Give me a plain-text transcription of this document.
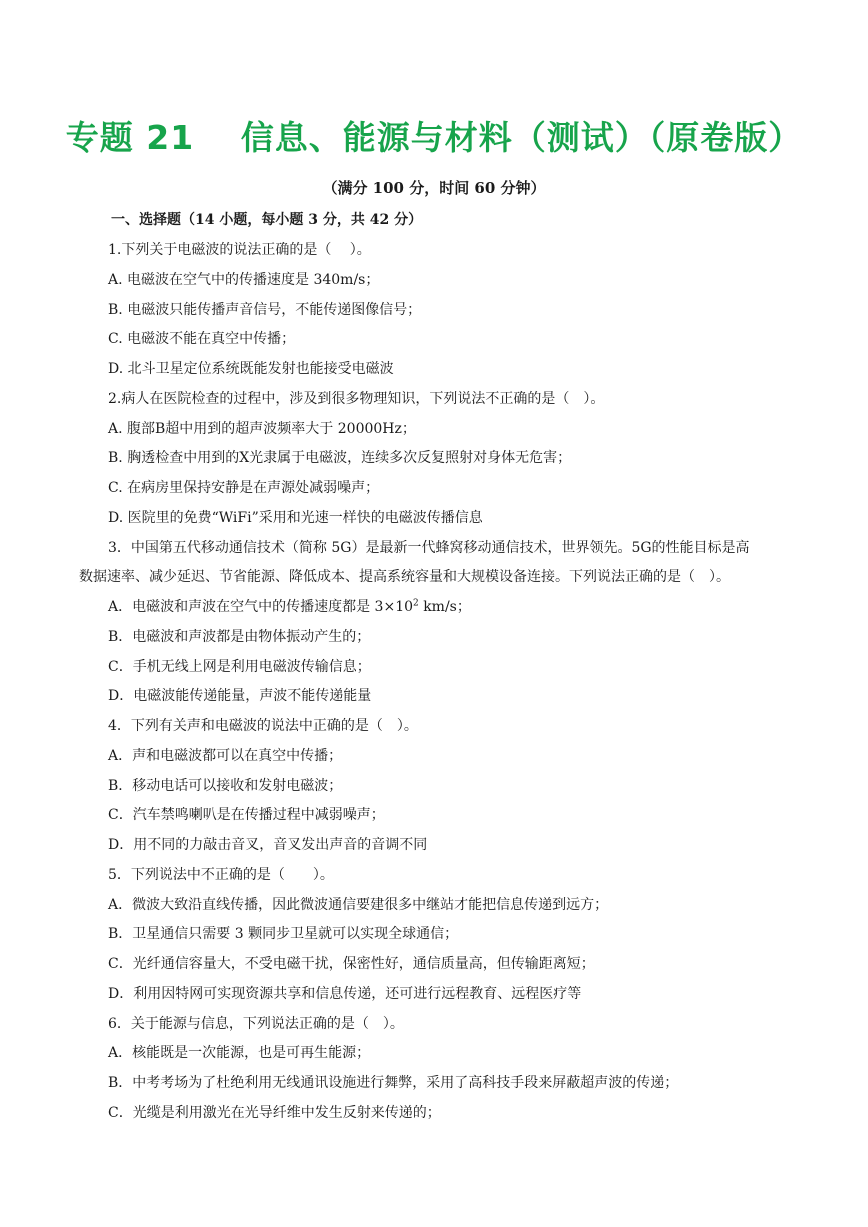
专题 21　 信息、能源与材料（测试）（原卷版）
（满分 100 分，时间 60 分钟）
一、选择题（14 小题，每小题 3 分，共 42 分）
1.下列关于电磁波的说法正确的是（　 ）。
A. 电磁波在空气中的传播速度是 340m/s；
B. 电磁波只能传播声音信号，不能传递图像信号；
C. 电磁波不能在真空中传播；
D. 北斗卫星定位系统既能发射也能接受电磁波
2.病人在医院检查的过程中，涉及到很多物理知识，下列说法不正确的是（　）。
A. 腹部B超中用到的超声波频率大于 20000Hz；
B. 胸透检查中用到的X光隶属于电磁波，连续多次反复照射对身体无危害；
C. 在病房里保持安静是在声源处减弱噪声；
D. 医院里的免费“WiFi”采用和光速一样快的电磁波传播信息
3．中国第五代移动通信技术（简称 5G）是最新一代蜂窝移动通信技术，世界领先。5G的性能目标是高
数据速率、减少延迟、节省能源、降低成本、提高系统容量和大规模设备连接。下列说法正确的是（　）。
A．电磁波和声波在空气中的传播速度都是 $3\times 10^2$ km/s；
B．电磁波和声波都是由物体振动产生的；
C．手机无线上网是利用电磁波传输信息；
D．电磁波能传递能量，声波不能传递能量
4．下列有关声和电磁波的说法中正确的是（　）。
A．声和电磁波都可以在真空中传播；
B．移动电话可以接收和发射电磁波；
C．汽车禁鸣喇叭是在传播过程中减弱噪声；
D．用不同的力敲击音叉，音叉发出声音的音调不同
5．下列说法中不正确的是（　　）。
A．微波大致沿直线传播，因此微波通信要建很多中继站才能把信息传递到远方；
B．卫星通信只需要 3 颗同步卫星就可以实现全球通信；
C．光纤通信容量大，不受电磁干扰，保密性好，通信质量高，但传输距离短；
D．利用因特网可实现资源共享和信息传递，还可进行远程教育、远程医疗等
6．关于能源与信息，下列说法正确的是（　）。
A．核能既是一次能源，也是可再生能源；
B．中考考场为了杜绝利用无线通讯设施进行舞弊，采用了高科技手段来屏蔽超声波的传递；
C．光缆是利用激光在光导纤维中发生反射来传递的；
